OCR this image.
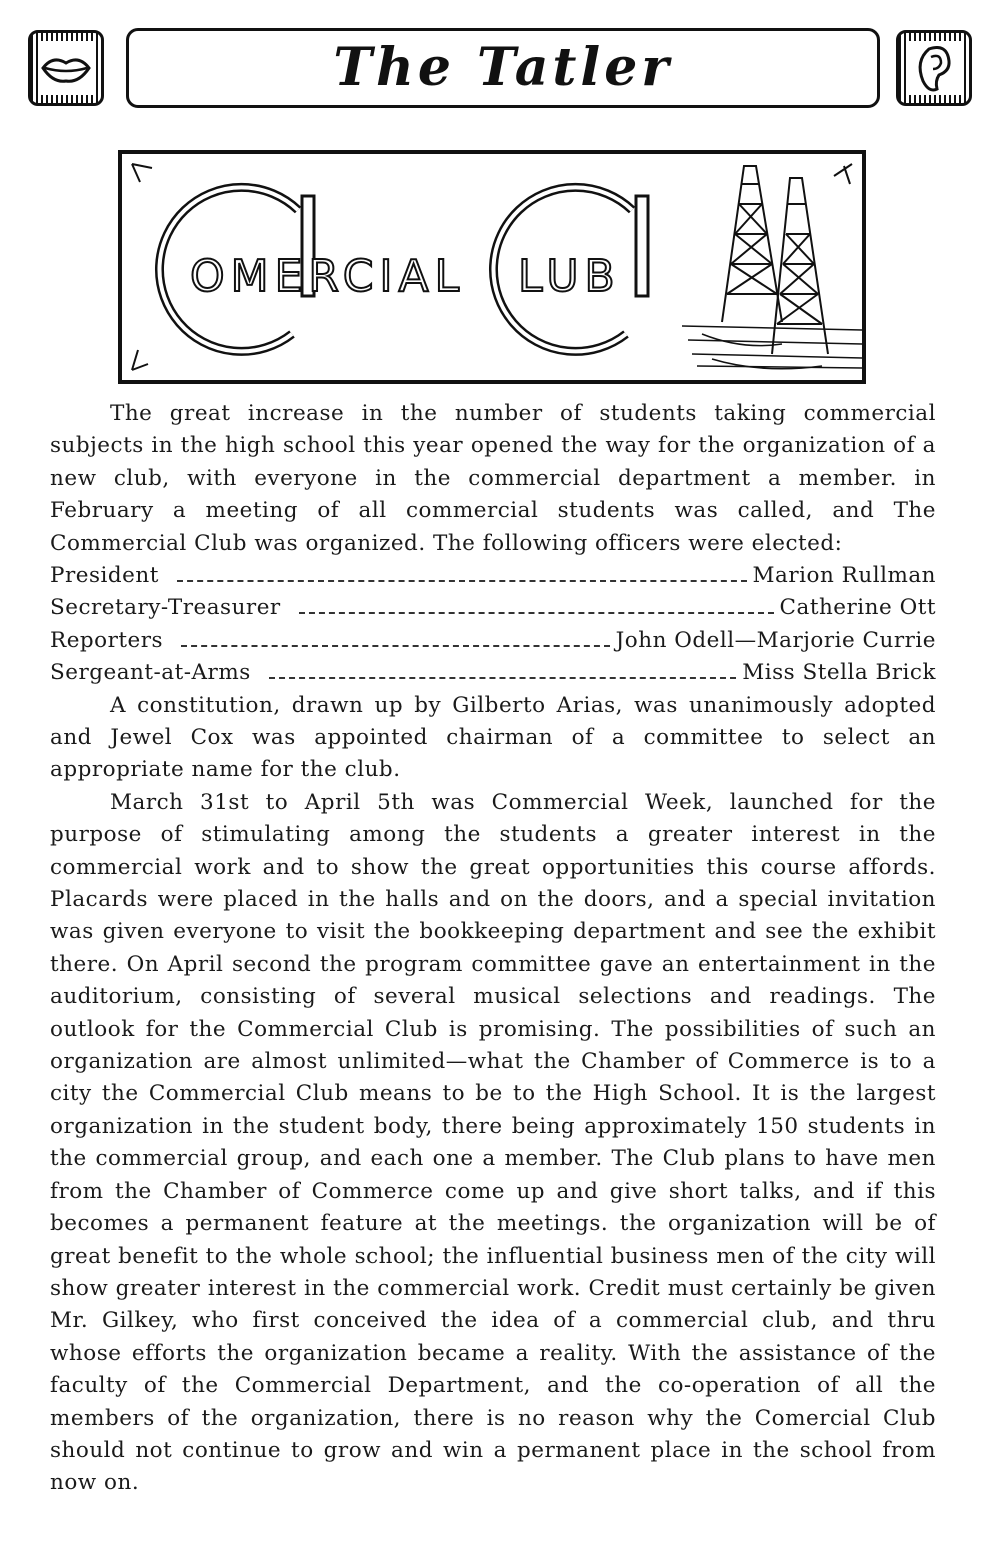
The Tatler
OMERCIAL LUB

The great increase in the number of students taking commercial subjects in the high school this year opened the way for the organization of a new club, with everyone in the commercial department a member. in February a meeting of all commercial students was called, and The Commercial Club was organized. The following officers were elected:

President	Marion Rullman
Secretary-Treasurer	Catherine Ott
Reporters	John Odell—Marjorie Currie
Sergeant-at-Arms	Miss Stella Brick

A constitution, drawn up by Gilberto Arias, was unanimously adopted and Jewel Cox was appointed chairman of a committee to select an appropriate name for the club.

March 31st to April 5th was Commercial Week, launched for the purpose of stimulating among the students a greater interest in the commercial work and to show the great opportunities this course affords. Placards were placed in the halls and on the doors, and a special invitation was given everyone to visit the bookkeeping department and see the exhibit there. On April second the program committee gave an entertainment in the auditorium, consisting of several musical selections and readings. The outlook for the Commercial Club is promising. The possibilities of such an organization are almost unlimited—what the Chamber of Commerce is to a city the Commercial Club means to be to the High School. It is the largest organization in the student body, there being approximately 150 students in the commercial group, and each one a member. The Club plans to have men from the Chamber of Commerce come up and give short talks, and if this becomes a permanent feature at the meetings. the organization will be of great benefit to the whole school; the influential business men of the city will show greater interest in the commercial work. Credit must certainly be given Mr. Gilkey, who first conceived the idea of a commercial club, and thru whose efforts the organization became a reality. With the assistance of the faculty of the Commercial Department, and the co-operation of all the members of the organization, there is no reason why the Comercial Club should not continue to grow and win a permanent place in the school from now on.
